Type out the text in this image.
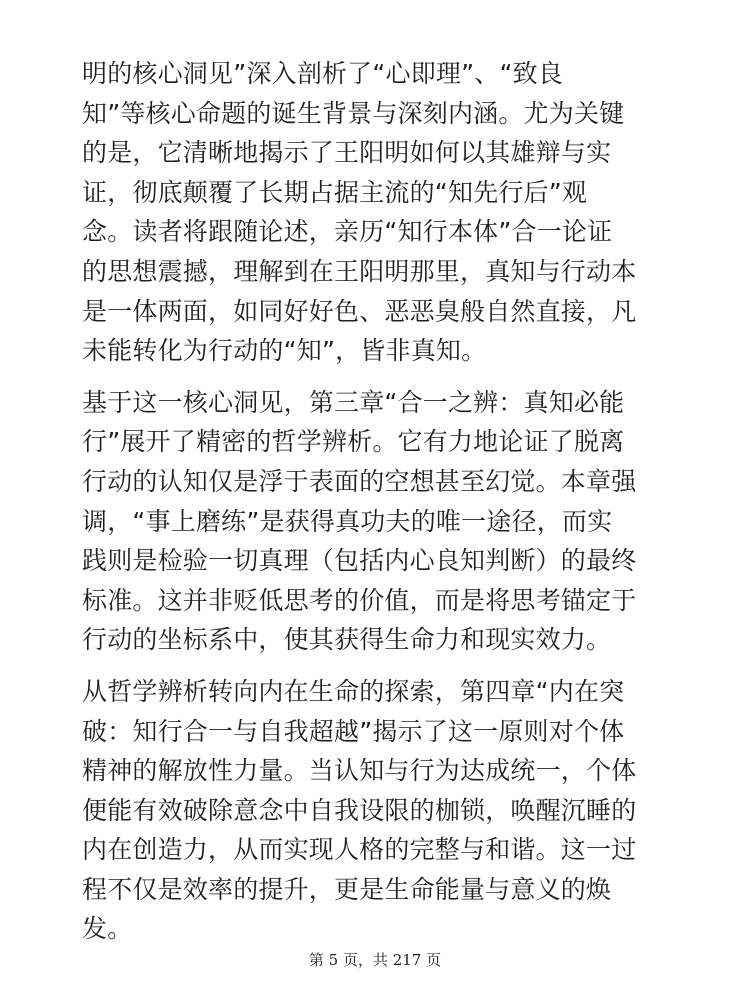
明的核心洞见”深入剖析了“心即理”、“致良
知”等核心命题的诞生背景与深刻内涵。尤为关键
的是，它清晰地揭示了王阳明如何以其雄辩与实
证，彻底颠覆了长期占据主流的“知先行后”观
念。读者将跟随论述，亲历“知行本体”合一论证
的思想震撼，理解到在王阳明那里，真知与行动本
是一体两面，如同好好色、恶恶臭般自然直接，凡
未能转化为行动的“知”，皆非真知。
基于这一核心洞见，第三章“合一之辨：真知必能
行”展开了精密的哲学辨析。它有力地论证了脱离
行动的认知仅是浮于表面的空想甚至幻觉。本章强
调，“事上磨练”是获得真功夫的唯一途径，而实
践则是检验一切真理（包括内心良知判断）的最终
标准。这并非贬低思考的价值，而是将思考锚定于
行动的坐标系中，使其获得生命力和现实效力。
从哲学辨析转向内在生命的探索，第四章“内在突
破：知行合一与自我超越”揭示了这一原则对个体
精神的解放性力量。当认知与行为达成统一，个体
便能有效破除意念中自我设限的枷锁，唤醒沉睡的
内在创造力，从而实现人格的完整与和谐。这一过
程不仅是效率的提升，更是生命能量与意义的焕
发。
第 5 页，共 217 页
